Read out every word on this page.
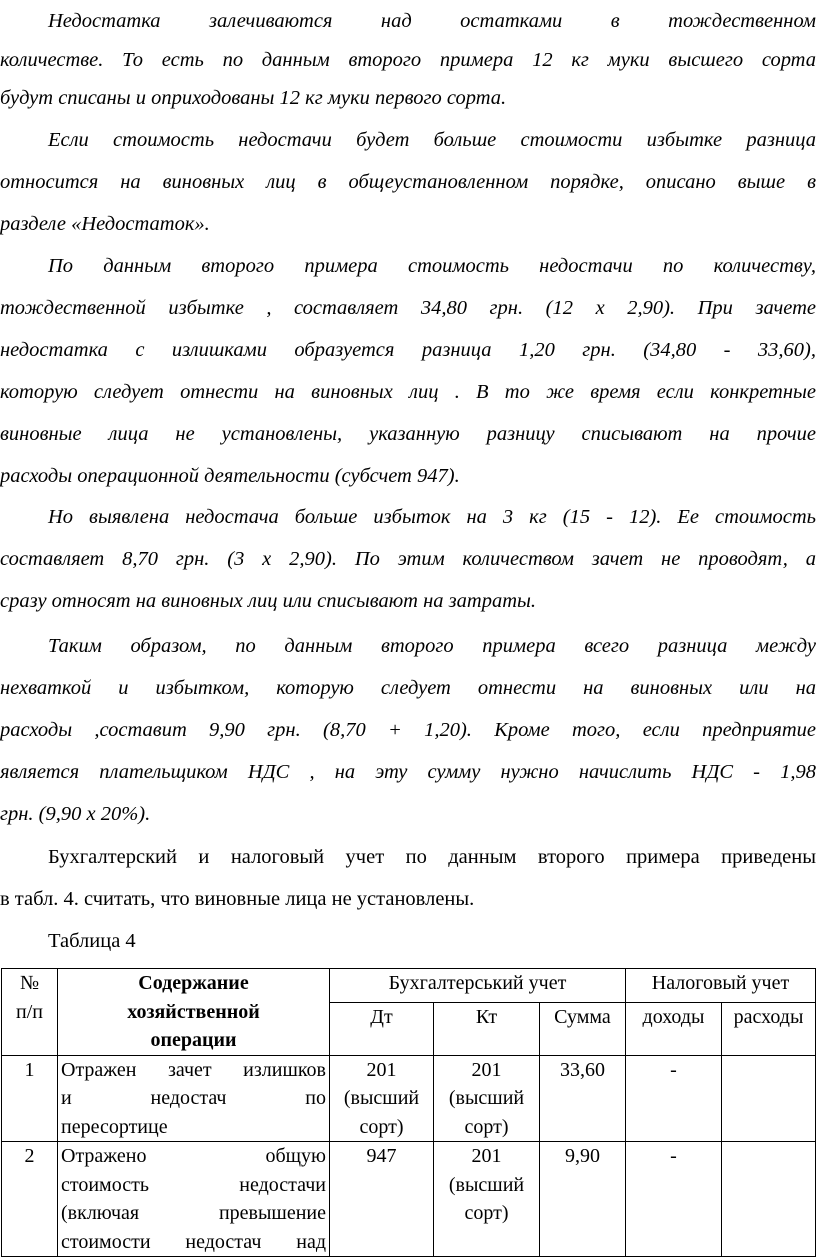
Недостатка залечиваются над остатками в тождественном
количестве. То есть по данным второго примера 12 кг муки высшего сорта
будут списаны и оприходованы 12 кг муки первого сорта.
Если стоимость недостачи будет больше стоимости избытке разница
относится на виновных лиц в общеустановленном порядке, описано выше в
разделе «Недостаток».
По данным второго примера стоимость недостачи по количеству,
тождественной избытке , составляет 34,80 грн. (12 х 2,90). При зачете
недостатка с излишками образуется разница 1,20 грн. (34,80 - 33,60),
которую следует отнести на виновных лиц . В то же время если конкретные
виновные лица не установлены, указанную разницу списывают на прочие
расходы операционной деятельности (субсчет 947).
Но выявлена недостача больше избыток на 3 кг (15 - 12). Ее стоимость
составляет 8,70 грн. (3 х 2,90). По этим количеством зачет не проводят, а
сразу относят на виновных лиц или списывают на затраты.
Таким образом, по данным второго примера всего разница между
нехваткой и избытком, которую следует отнести на виновных или на
расходы ,составит 9,90 грн. (8,70 + 1,20). Кроме того, если предприятие
является плательщиком НДС , на эту сумму нужно начислить НДС - 1,98
грн. (9,90 х 20%).
Бухгалтерский и налоговый учет по данным второго примера приведены
в табл. 4. считать, что виновные лица не установлены.
Таблица 4
№ п/п	Содержание хозяйственной операции	Бухгалтерський учет			Налоговый учет	
		Дт	Кт	Сумма	доходы	расходы
1	Отражен зачет излишков
и недостач по
пересортице	201 (высший сорт)	201 (высший сорт)	33,60	-	
2	Отражено общую
стоимость недостачи
(включая превышение
стоимости недостач над	947	201 (высший сорт)	9,90	-	
